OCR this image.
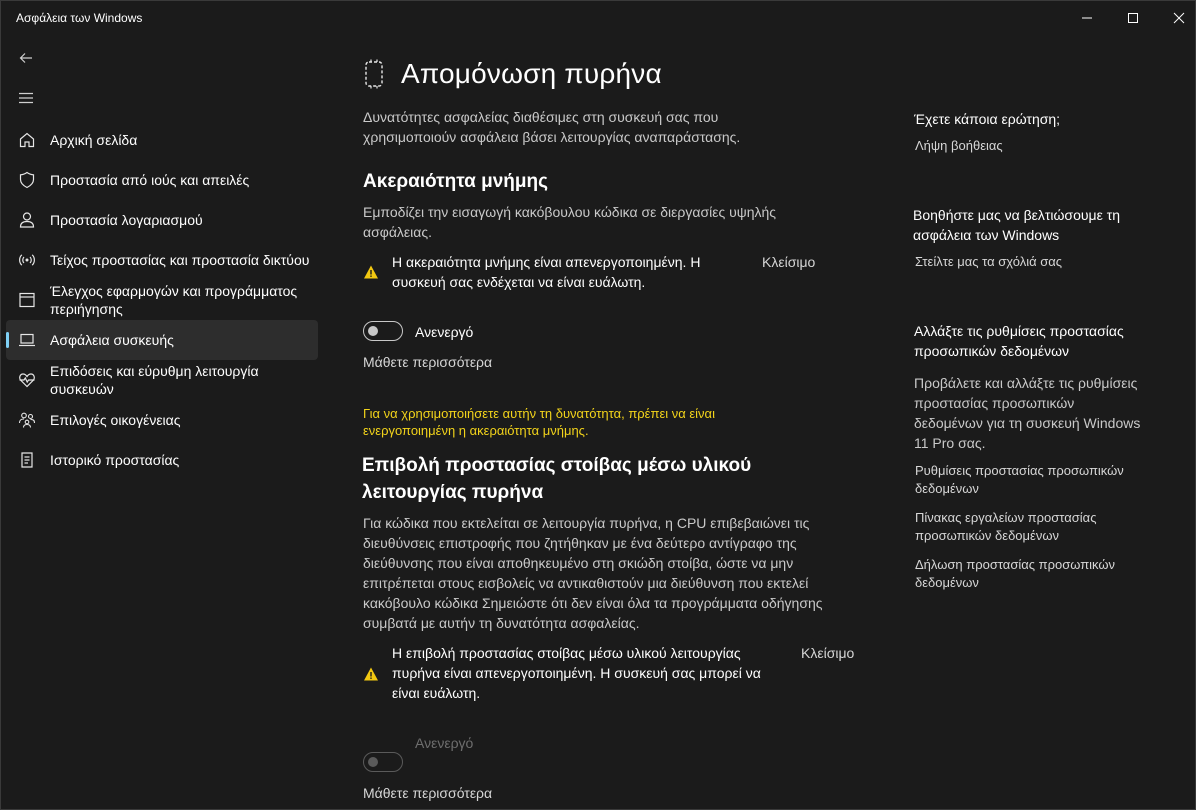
Ασφάλεια των Windows
Αρχική σελίδα
Προστασία από ιούς και απειλές
Προστασία λογαριασμού
Τείχος προστασίας και προστασία δικτύου
Έλεγχος εφαρμογών και προγράμματος περιήγησης
Ασφάλεια συσκευής
Επιδόσεις και εύρυθμη λειτουργία συσκευών
Επιλογές οικογένειας
Ιστορικό προστασίας
Απομόνωση πυρήνα
Δυνατότητες ασφαλείας διαθέσιμες στη συσκευή σας που χρησιμοποιούν ασφάλεια βάσει λειτουργίας αναπαράστασης.
Ακεραιότητα μνήμης
Εμποδίζει την εισαγωγή κακόβουλου κώδικα σε διεργασίες υψηλής ασφάλειας.
Η ακεραιότητα μνήμης είναι απενεργοποιημένη. Η συσκευή σας ενδέχεται να είναι ευάλωτη.
Κλείσιμο
Ανενεργό
Μάθετε περισσότερα
Για να χρησιμοποιήσετε αυτήν τη δυνατότητα, πρέπει να είναι ενεργοποιημένη η ακεραιότητα μνήμης.
Επιβολή προστασίας στοίβας μέσω υλικού λειτουργίας πυρήνα
Για κώδικα που εκτελείται σε λειτουργία πυρήνα, η CPU επιβεβαιώνει τις διευθύνσεις επιστροφής που ζητήθηκαν με ένα δεύτερο αντίγραφο της διεύθυνσης που είναι αποθηκευμένο στη σκιώδη στοίβα, ώστε να μην επιτρέπεται στους εισβολείς να αντικαθιστούν μια διεύθυνση που εκτελεί κακόβουλο κώδικα Σημειώστε ότι δεν είναι όλα τα προγράμματα οδήγησης συμβατά με αυτήν τη δυνατότητα ασφαλείας.
Η επιβολή προστασίας στοίβας μέσω υλικού λειτουργίας πυρήνα είναι απενεργοποιημένη. Η συσκευή σας μπορεί να είναι ευάλωτη.
Κλείσιμο
Ανενεργό
Μάθετε περισσότερα
Έχετε κάποια ερώτηση;
Λήψη βοήθειας
Βοηθήστε μας να βελτιώσουμε τη ασφάλεια των Windows
Στείλτε μας τα σχόλιά σας
Αλλάξτε τις ρυθμίσεις προστασίας προσωπικών δεδομένων
Προβάλετε και αλλάξτε τις ρυθμίσεις προστασίας προσωπικών δεδομένων για τη συσκευή Windows 11 Pro σας.
Ρυθμίσεις προστασίας προσωπικών δεδομένων
Πίνακας εργαλείων προστασίας προσωπικών δεδομένων
Δήλωση προστασίας προσωπικών δεδομένων
